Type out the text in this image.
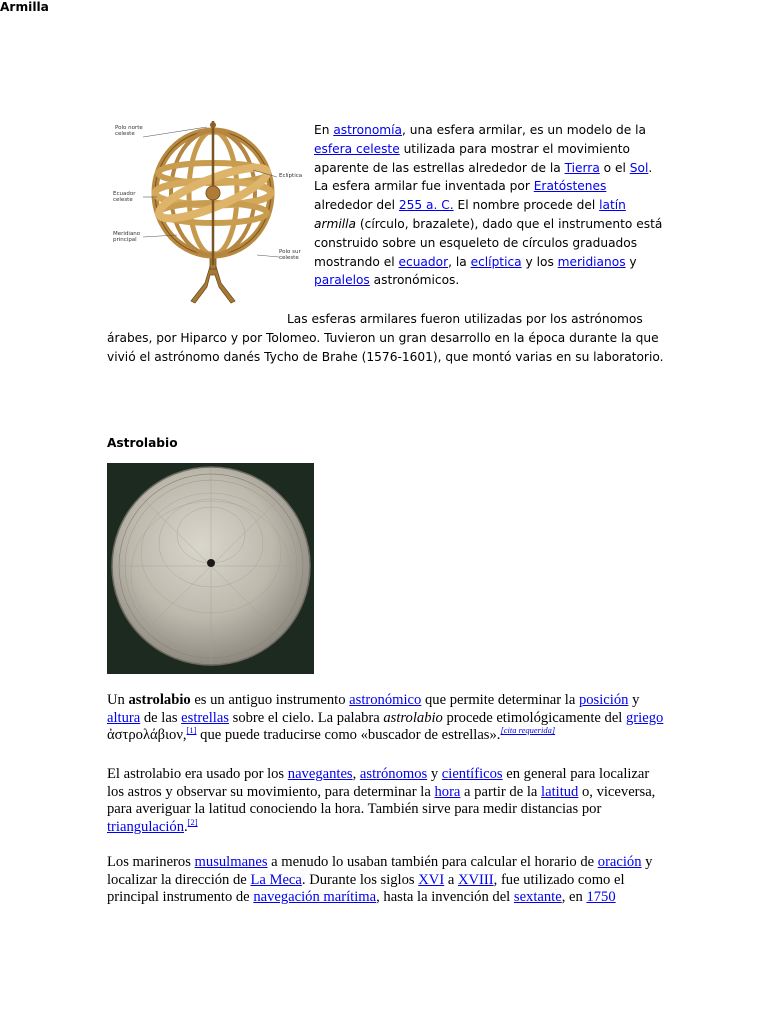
Armilla
Polo norte celeste
Eclíptica
Ecuador celeste
Meridiano principal
Polo sur celeste
En astronomía, una esfera armilar, es un modelo de la esfera celeste utilizada para mostrar el movimiento aparente de las estrellas alrededor de la Tierra o el Sol. La esfera armilar fue inventada por Eratóstenes alrededor del 255 a. C. El nombre procede del latín armilla (círculo, brazalete), dado que el instrumento está construido sobre un esqueleto de círculos graduados mostrando el ecuador, la eclíptica y los meridianos y paralelos astronómicos.
Las esferas armilares fueron utilizadas por los astrónomos árabes, por Hiparco y por Tolomeo. Tuvieron un gran desarrollo en la época durante la que vivió el astrónomo danés Tycho de Brahe (1576-1601), que montó varias en su laboratorio.
Astrolabio
Un astrolabio es un antiguo instrumento astronómico que permite determinar la posición y altura de las estrellas sobre el cielo. La palabra astrolabio procede etimológicamente del griego ἀστρολάβιον,[1] que puede traducirse como «buscador de estrellas».[cita requerida]
El astrolabio era usado por los navegantes, astrónomos y científicos en general para localizar los astros y observar su movimiento, para determinar la hora a partir de la latitud o, viceversa, para averiguar la latitud conociendo la hora. También sirve para medir distancias por triangulación.[2]
Los marineros musulmanes a menudo lo usaban también para calcular el horario de oración y localizar la dirección de La Meca. Durante los siglos XVI a XVIII, fue utilizado como el principal instrumento de navegación marítima, hasta la invención del sextante, en 1750
